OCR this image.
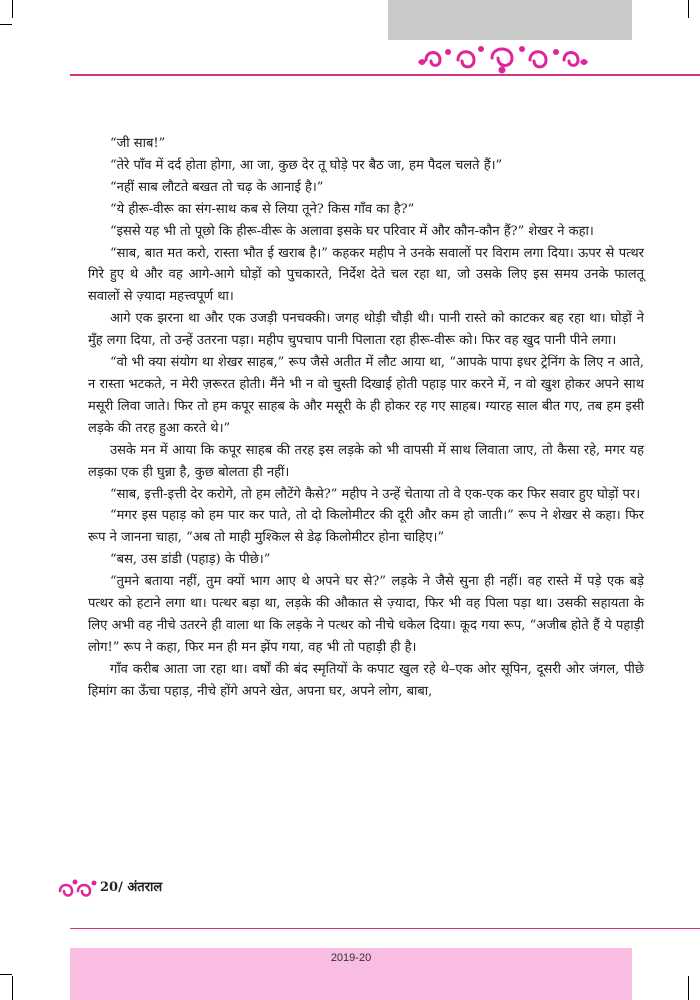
“जी साब!”

“तेरे पाँव में दर्द होता होगा, आ जा, कुछ देर तू घोड़े पर बैठ जा, हम पैदल चलते हैं।”

“नहीं साब लौटते बखत तो चढ़ के आनाई है।”

“ये हीरू-वीरू का संग-साथ कब से लिया तूने? किस गाँव का है?”

“इससे यह भी तो पूछो कि हीरू-वीरू के अलावा इसके घर परिवार में और कौन-कौन हैं?” शेखर ने कहा।

“साब, बात मत करो, रास्ता भौत ई खराब है।” कहकर महीप ने उनके सवालों पर विराम लगा दिया। ऊपर से पत्थर गिरे हुए थे और वह आगे-आगे घोड़ों को पुचकारते, निर्देश देते चल रहा था, जो उसके लिए इस समय उनके फालतू सवालों से ज़्यादा महत्त्वपूर्ण था।

आगे एक झरना था और एक उजड़ी पनचक्की। जगह थोड़ी चौड़ी थी। पानी रास्ते को काटकर बह रहा था। घोड़ों ने मुँह लगा दिया, तो उन्हें उतरना पड़ा। महीप चुपचाप पानी पिलाता रहा हीरू-वीरू को। फिर वह खुद पानी पीने लगा।

“वो भी क्या संयोग था शेखर साहब,” रूप जैसे अतीत में लौट आया था, “आपके पापा इधर ट्रेनिंग के लिए न आते, न रास्ता भटकते, न मेरी ज़रूरत होती। मैंने भी न वो चुस्ती दिखाई होती पहाड़ पार करने में, न वो खुश होकर अपने साथ मसूरी लिवा जाते। फिर तो हम कपूर साहब के और मसूरी के ही होकर रह गए साहब। ग्यारह साल बीत गए, तब हम इसी लड़के की तरह हुआ करते थे।”

उसके मन में आया कि कपूर साहब की तरह इस लड़के को भी वापसी में साथ लिवाता जाए, तो कैसा रहे, मगर यह लड़का एक ही घुन्ना है, कुछ बोलता ही नहीं।

“साब, इत्ती-इत्ती देर करोगे, तो हम लौटेंगे कैसे?” महीप ने उन्हें चेताया तो वे एक-एक कर फिर सवार हुए घोड़ों पर।

“मगर इस पहाड़ को हम पार कर पाते, तो दो किलोमीटर की दूरी और कम हो जाती।” रूप ने शेखर से कहा। फिर रूप ने जानना चाहा, “अब तो माही मुश्किल से डेढ़ किलोमीटर होना चाहिए।”

“बस, उस डांडी (पहाड़) के पीछे।”

“तुमने बताया नहीं, तुम क्यों भाग आए थे अपने घर से?” लड़के ने जैसे सुना ही नहीं। वह रास्ते में पड़े एक बड़े पत्थर को हटाने लगा था। पत्थर बड़ा था, लड़के की औकात से ज़्यादा, फिर भी वह पिला पड़ा था। उसकी सहायता के लिए अभी वह नीचे उतरने ही वाला था कि लड़के ने पत्थर को नीचे धकेल दिया। कूद गया रूप, “अजीब होते हैं ये पहाड़ी लोग!” रूप ने कहा, फिर मन ही मन झेंप गया, वह भी तो पहाड़ी ही है।

गाँव करीब आता जा रहा था। वर्षों की बंद स्मृतियों के कपाट खुल रहे थे–एक ओर सूपिन, दूसरी ओर जंगल, पीछे हिमांग का ऊँचा पहाड़, नीचे होंगे अपने खेत, अपना घर, अपने लोग, बाबा,

20/ अंतराल
2019-20
